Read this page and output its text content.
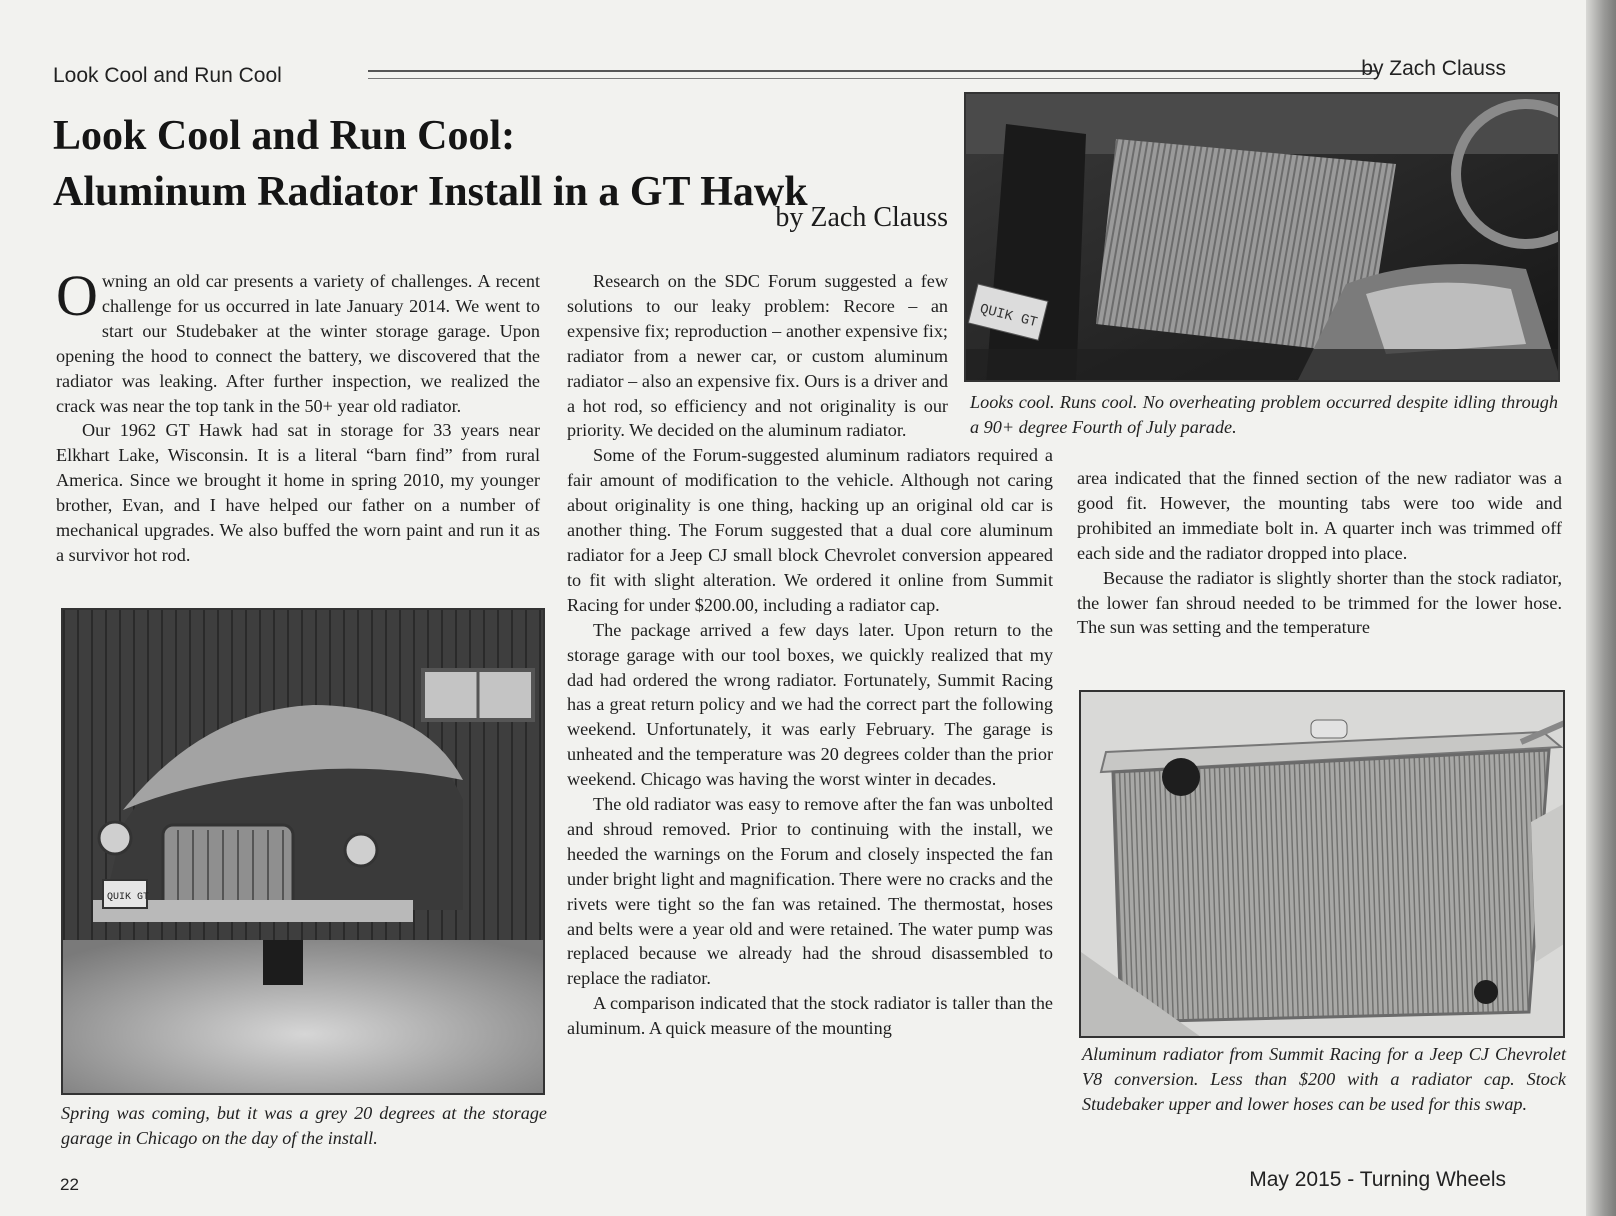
Look Cool and Run Cool	by Zach Clauss
Look Cool and Run Cool:
Aluminum Radiator Install in a GT Hawk
by Zach Clauss
QUIK GT
Looks cool. Runs cool. No overheating problem occurred despite idling through a 90+ degree Fourth of July parade.

Owning an old car presents a variety of challenges. A recent challenge for us occurred in late January 2014. We went to start our Studebaker at the winter storage garage. Upon opening the hood to connect the battery, we discovered that the radiator was leaking. After further inspection, we realized the crack was near the top tank in the 50+ year old radiator.

Our 1962 GT Hawk had sat in storage for 33 years near Elkhart Lake, Wisconsin. It is a literal “barn find” from rural America. Since we brought it home in spring 2010, my younger brother, Evan, and I have helped our father on a number of mechanical upgrades. We also buffed the worn paint and run it as a survivor hot rod.

QUIK GT
Spring was coming, but it was a grey 20 degrees at the storage garage in Chicago on the day of the install.

Research on the SDC Forum suggested a few solutions to our leaky problem: Recore – an expensive fix; reproduction – another expensive fix; radiator from a newer car, or custom aluminum radiator – also an expensive fix. Ours is a driver and a hot rod, so efficiency and not originality is our priority. We decided on the aluminum radiator.

Some of the Forum-suggested aluminum radiators required a fair amount of modification to the vehicle. Although not caring about originality is one thing, hacking up an original old car is another thing. The Forum suggested that a dual core aluminum radiator for a Jeep CJ small block Chevrolet conversion appeared to fit with slight alteration. We ordered it online from Summit Racing for under $200.00, including a radiator cap.

The package arrived a few days later. Upon return to the storage garage with our tool boxes, we quickly realized that my dad had ordered the wrong radiator. Fortunately, Summit Racing has a great return policy and we had the correct part the following weekend. Unfortunately, it was early February. The garage is unheated and the temperature was 20 degrees colder than the prior weekend. Chicago was having the worst winter in decades.

The old radiator was easy to remove after the fan was unbolted and shroud removed. Prior to continuing with the install, we heeded the warnings on the Forum and closely inspected the fan under bright light and magnification. There were no cracks and the rivets were tight so the fan was retained. The thermostat, hoses and belts were a year old and were retained. The water pump was replaced because we already had the shroud disassembled to replace the radiator.

A comparison indicated that the stock radiator is taller than the aluminum. A quick measure of the mounting

area indicated that the finned section of the new radiator was a good fit. However, the mounting tabs were too wide and prohibited an immediate bolt in. A quarter inch was trimmed off each side and the radiator dropped into place.

Because the radiator is slightly shorter than the stock radiator, the lower fan shroud needed to be trimmed for the lower hose. The sun was setting and the temperature

Aluminum radiator from Summit Racing for a Jeep CJ Chevrolet V8 conversion. Less than $200 with a radiator cap. Stock Studebaker upper and lower hoses can be used for this swap.
22	May 2015 - Turning Wheels
